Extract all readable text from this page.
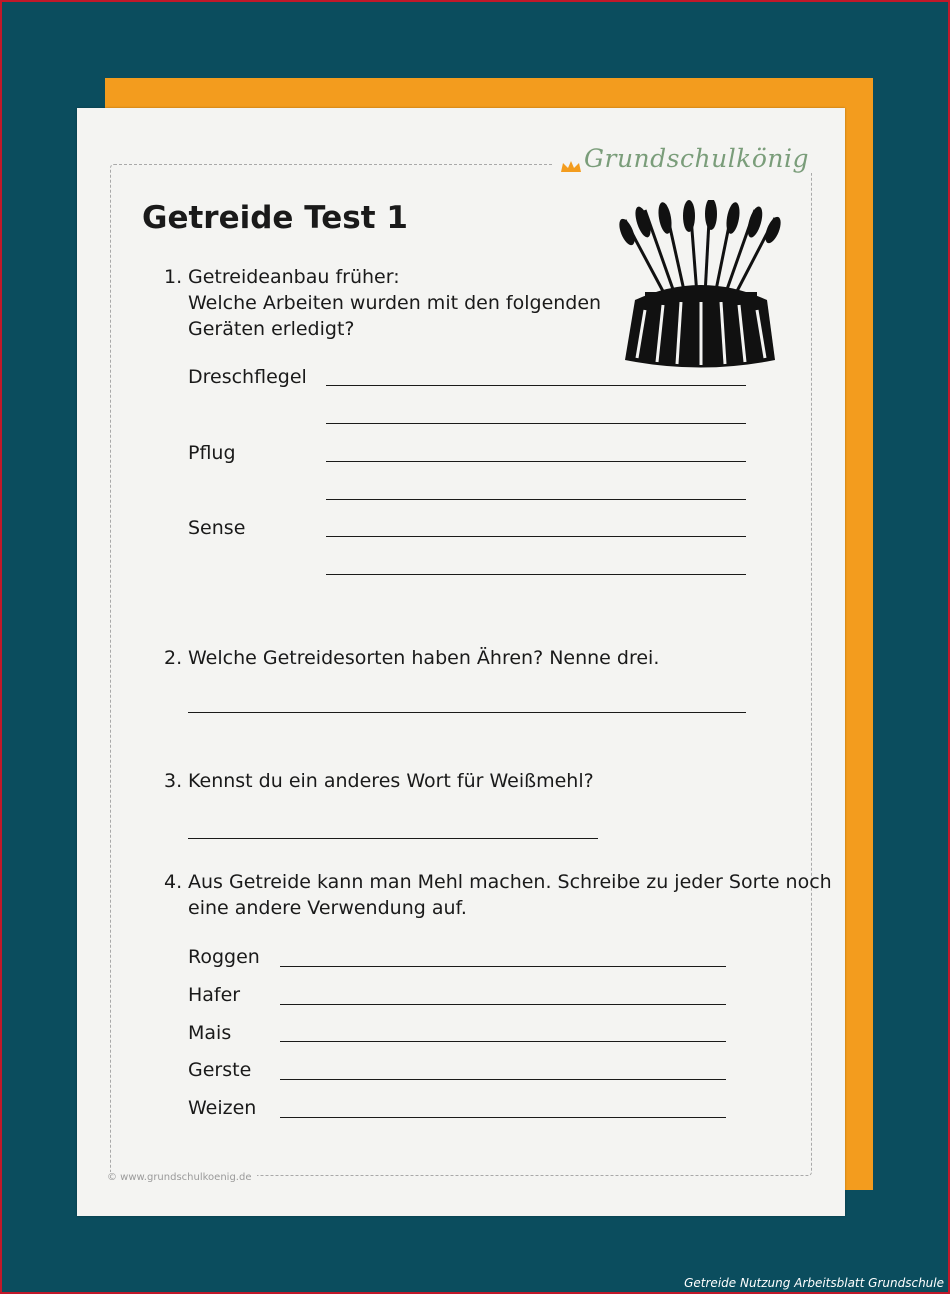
Grundschulkönig
Getreide Test 1
1. Getreideanbau früher:
Welche Arbeiten wurden mit den folgenden
Geräten erledigt?
Dreschflegel
Pflug
Sense
2. Welche Getreidesorten haben Ähren? Nenne drei.
3. Kennst du ein anderes Wort für Weißmehl?
4. Aus Getreide kann man Mehl machen. Schreibe zu jeder Sorte noch
eine andere Verwendung auf.
Roggen
Hafer
Mais
Gerste
Weizen
© www.grundschulkoenig.de
Getreide Nutzung Arbeitsblatt Grundschule
